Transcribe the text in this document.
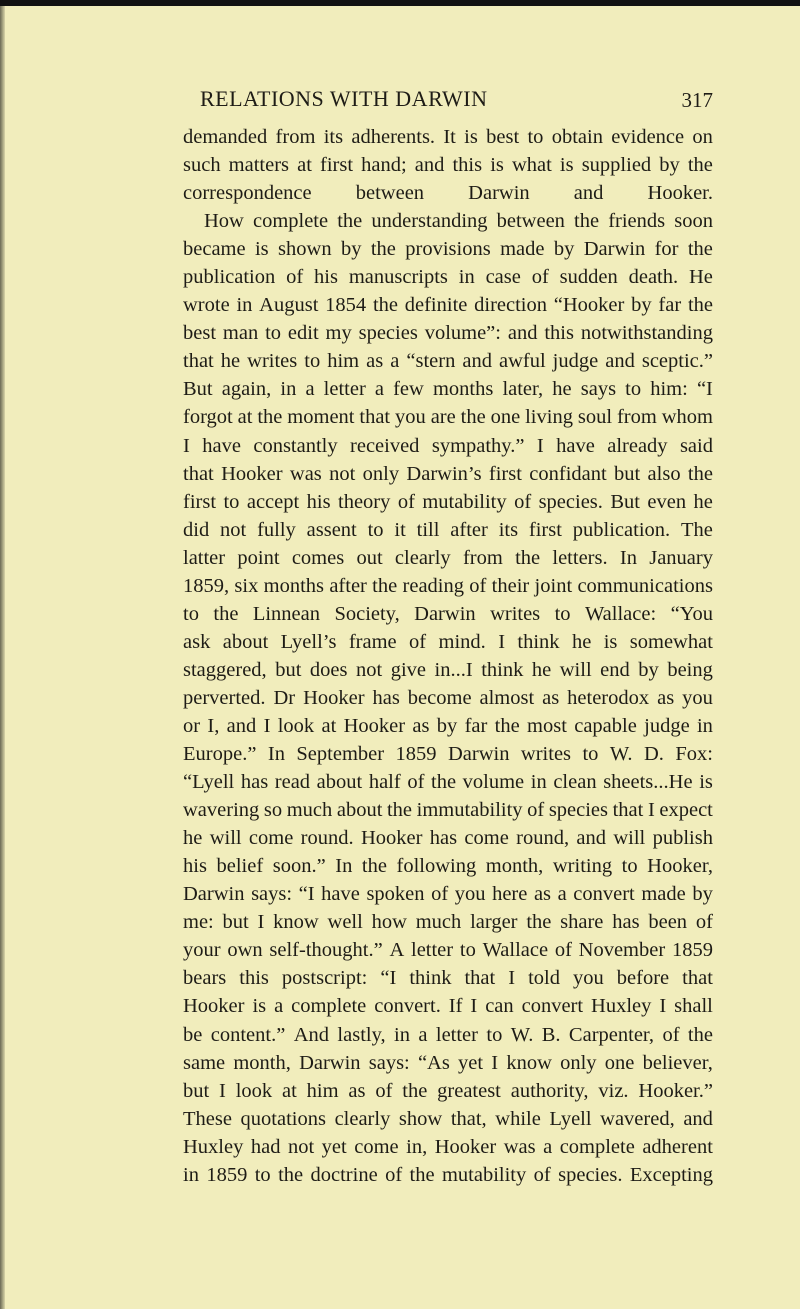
RELATIONS WITH DARWIN	317
demanded from its adherents. It is best to obtain evidence on
such matters at first hand; and this is what is supplied by the
correspondence between Darwin and Hooker.
How complete the understanding between the friends soon
became is shown by the provisions made by Darwin for the
publication of his manuscripts in case of sudden death. He
wrote in August 1854 the definite direction “Hooker by far the
best man to edit my species volume”: and this notwithstanding
that he writes to him as a “stern and awful judge and sceptic.”
But again, in a letter a few months later, he says to him: “I
forgot at the moment that you are the one living soul from whom
I have constantly received sympathy.” I have already said
that Hooker was not only Darwin’s first confidant but also the
first to accept his theory of mutability of species. But even he
did not fully assent to it till after its first publication. The
latter point comes out clearly from the letters. In January
1859, six months after the reading of their joint communications
to the Linnean Society, Darwin writes to Wallace: “You
ask about Lyell’s frame of mind. I think he is somewhat
staggered, but does not give in...I think he will end by being
perverted. Dr Hooker has become almost as heterodox as you
or I, and I look at Hooker as by far the most capable judge in
Europe.” In September 1859 Darwin writes to W. D. Fox:
“Lyell has read about half of the volume in clean sheets...He is
wavering so much about the immutability of species that I expect
he will come round. Hooker has come round, and will publish
his belief soon.” In the following month, writing to Hooker,
Darwin says: “I have spoken of you here as a convert made by
me: but I know well how much larger the share has been of
your own self-thought.” A letter to Wallace of November 1859
bears this postscript: “I think that I told you before that
Hooker is a complete convert. If I can convert Huxley I shall
be content.” And lastly, in a letter to W. B. Carpenter, of the
same month, Darwin says: “As yet I know only one believer,
but I look at him as of the greatest authority, viz. Hooker.”
These quotations clearly show that, while Lyell wavered, and
Huxley had not yet come in, Hooker was a complete adherent
in 1859 to the doctrine of the mutability of species. Excepting
